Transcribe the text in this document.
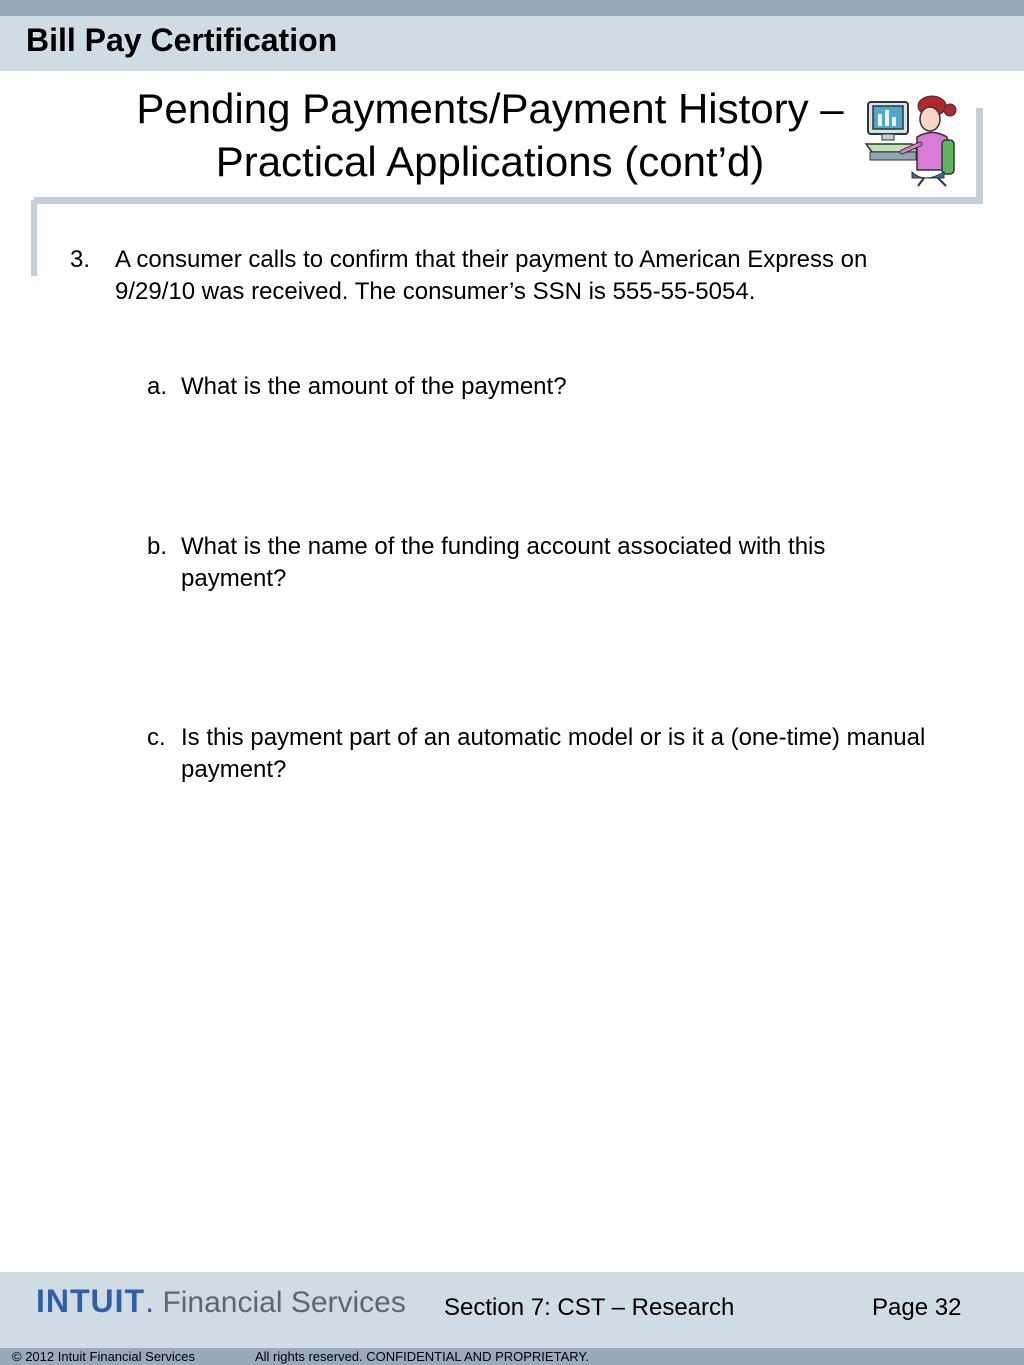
Bill Pay Certification
Pending Payments/Payment History –
Practical Applications (cont’d)
3. A consumer calls to confirm that their payment to American Express on 9/29/10 was received. The consumer’s SSN is 555-55-5054.
a. What is the amount of the payment?
b. What is the name of the funding account associated with this payment?
c. Is this payment part of an automatic model or is it a (one-time) manual payment?
INTUIT. Financial Services Section 7: CST – Research	Page 32
© 2012 Intuit Financial Services	All rights reserved. CONFIDENTIAL AND PROPRIETARY.
